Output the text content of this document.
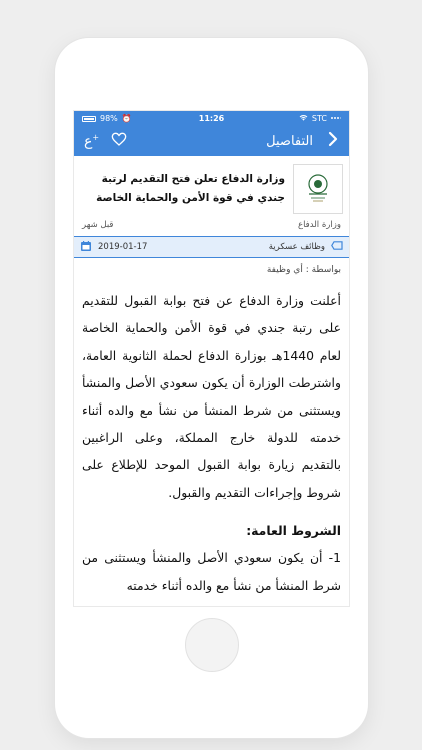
98% ⏰	11:26	STC
ع+	التفاصيل
وزارة الدفاع تعلن فتح التقديم لرتبة جندي في قوة الأمن والحماية الخاصة
قبل شهر	وزارة الدفاع
2019-01-17	وظائف عسكرية
بواسطة : أي وظيفة
أعلنت وزارة الدفاع عن فتح بوابة القبول للتقديم على رتبة جندي في قوة الأمن والحماية الخاصة لعام 1440هـ بوزارة الدفاع لحملة الثانوية العامة، واشترطت الوزارة أن يكون سعودي الأصل والمنشأ ويستثنى من شرط المنشأ من نشأ مع والده أثناء خدمته للدولة خارج المملكة، وعلى الراغبين بالتقديم زيارة بوابة القبول الموحد للإطلاع على شروط وإجراءات التقديم والقبول.
الشروط العامة:
1- أن يكون سعودي الأصل والمنشأ ويستثنى من شرط المنشأ من نشأ مع والده أثناء خدمته
